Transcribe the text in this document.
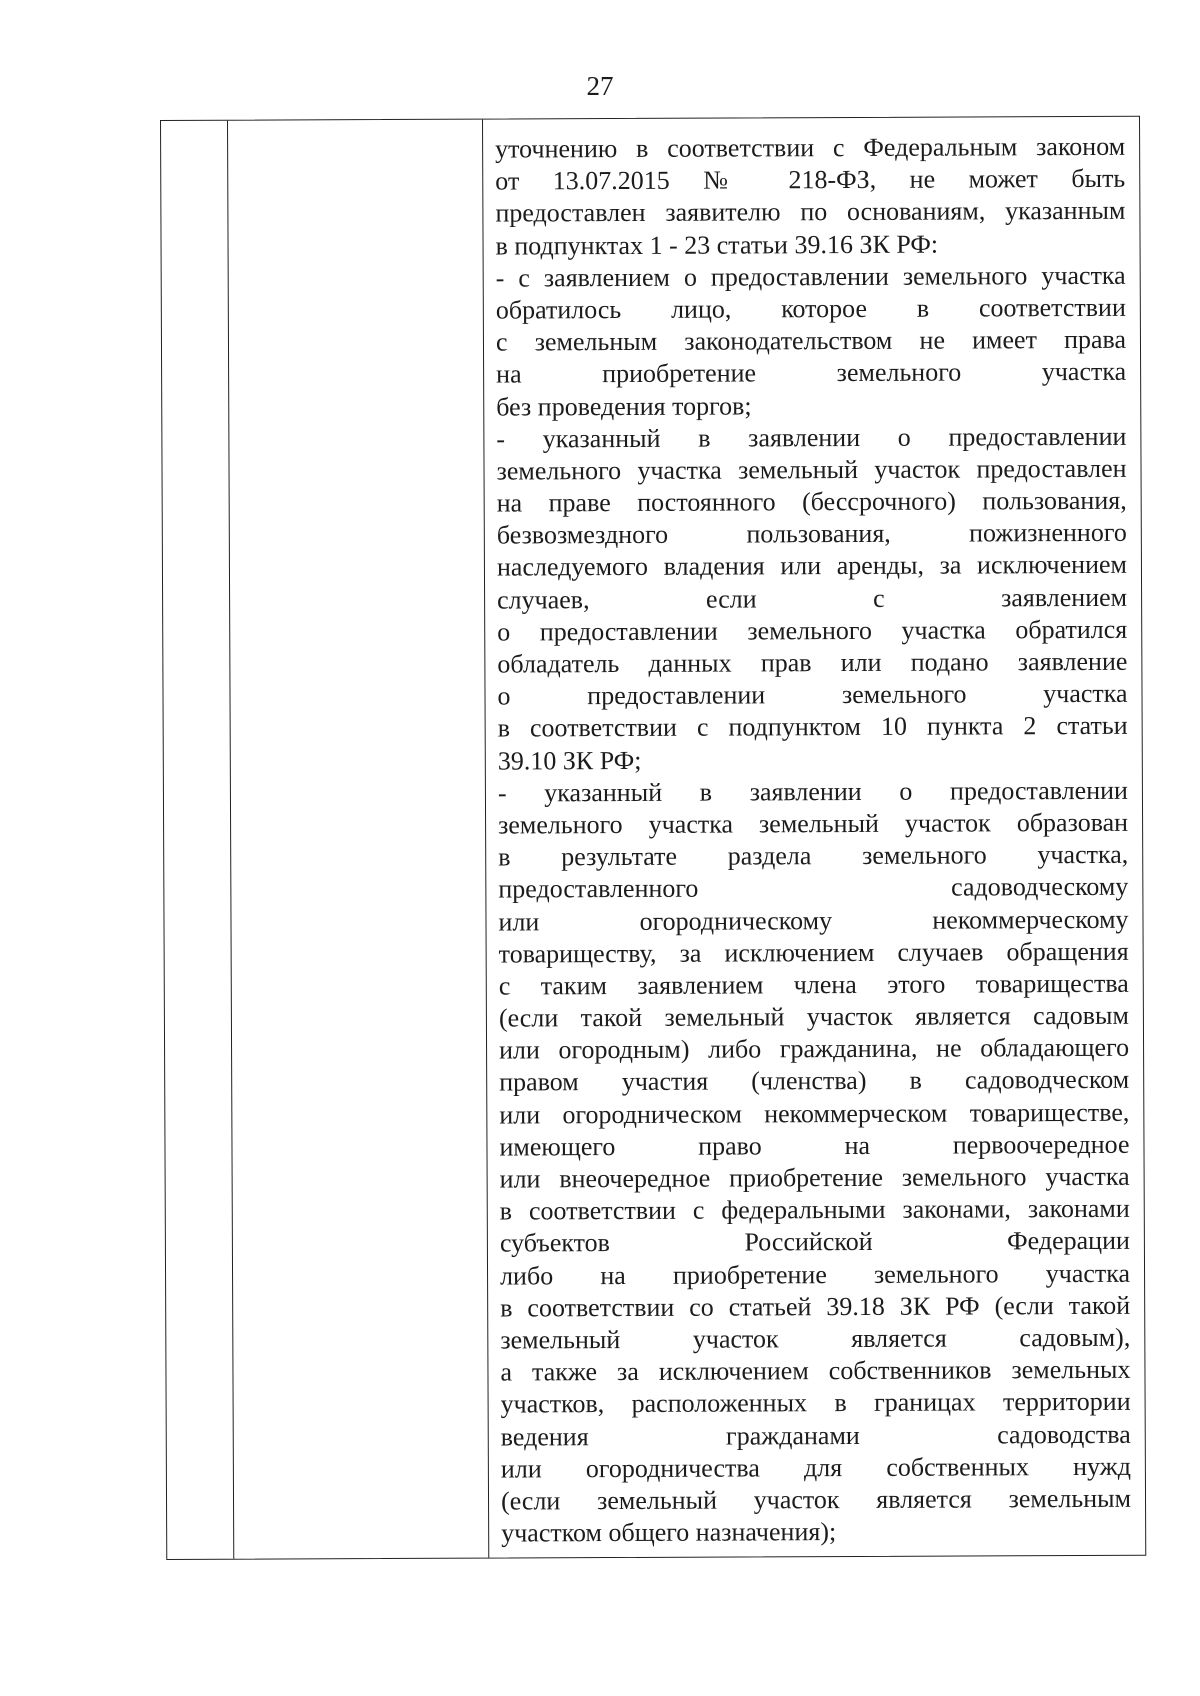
27
уточнению в соответствии с Федеральным законом
от 13.07.2015 № 218-ФЗ, не может быть
предоставлен заявителю по основаниям, указанным
в подпунктах 1 - 23 статьи 39.16 ЗК РФ:
- с заявлением о предоставлении земельного участка
обратилось лицо, которое в соответствии
с земельным законодательством не имеет права
на приобретение земельного участка
без проведения торгов;
- указанный в заявлении о предоставлении
земельного участка земельный участок предоставлен
на праве постоянного (бессрочного) пользования,
безвозмездного пользования, пожизненного
наследуемого владения или аренды, за исключением
случаев, если с заявлением
о предоставлении земельного участка обратился
обладатель данных прав или подано заявление
о предоставлении земельного участка
в соответствии с подпунктом 10 пункта 2 статьи
39.10 ЗК РФ;
- указанный в заявлении о предоставлении
земельного участка земельный участок образован
в результате раздела земельного участка,
предоставленного садоводческому
или огородническому некоммерческому
товариществу, за исключением случаев обращения
с таким заявлением члена этого товарищества
(если такой земельный участок является садовым
или огородным) либо гражданина, не обладающего
правом участия (членства) в садоводческом
или огородническом некоммерческом товариществе,
имеющего право на первоочередное
или внеочередное приобретение земельного участка
в соответствии с федеральными законами, законами
субъектов Российской Федерации
либо на приобретение земельного участка
в соответствии со статьей 39.18 ЗК РФ (если такой
земельный участок является садовым),
а также за исключением собственников земельных
участков, расположенных в границах территории
ведения гражданами садоводства
или огородничества для собственных нужд
(если земельный участок является земельным
участком общего назначения);
